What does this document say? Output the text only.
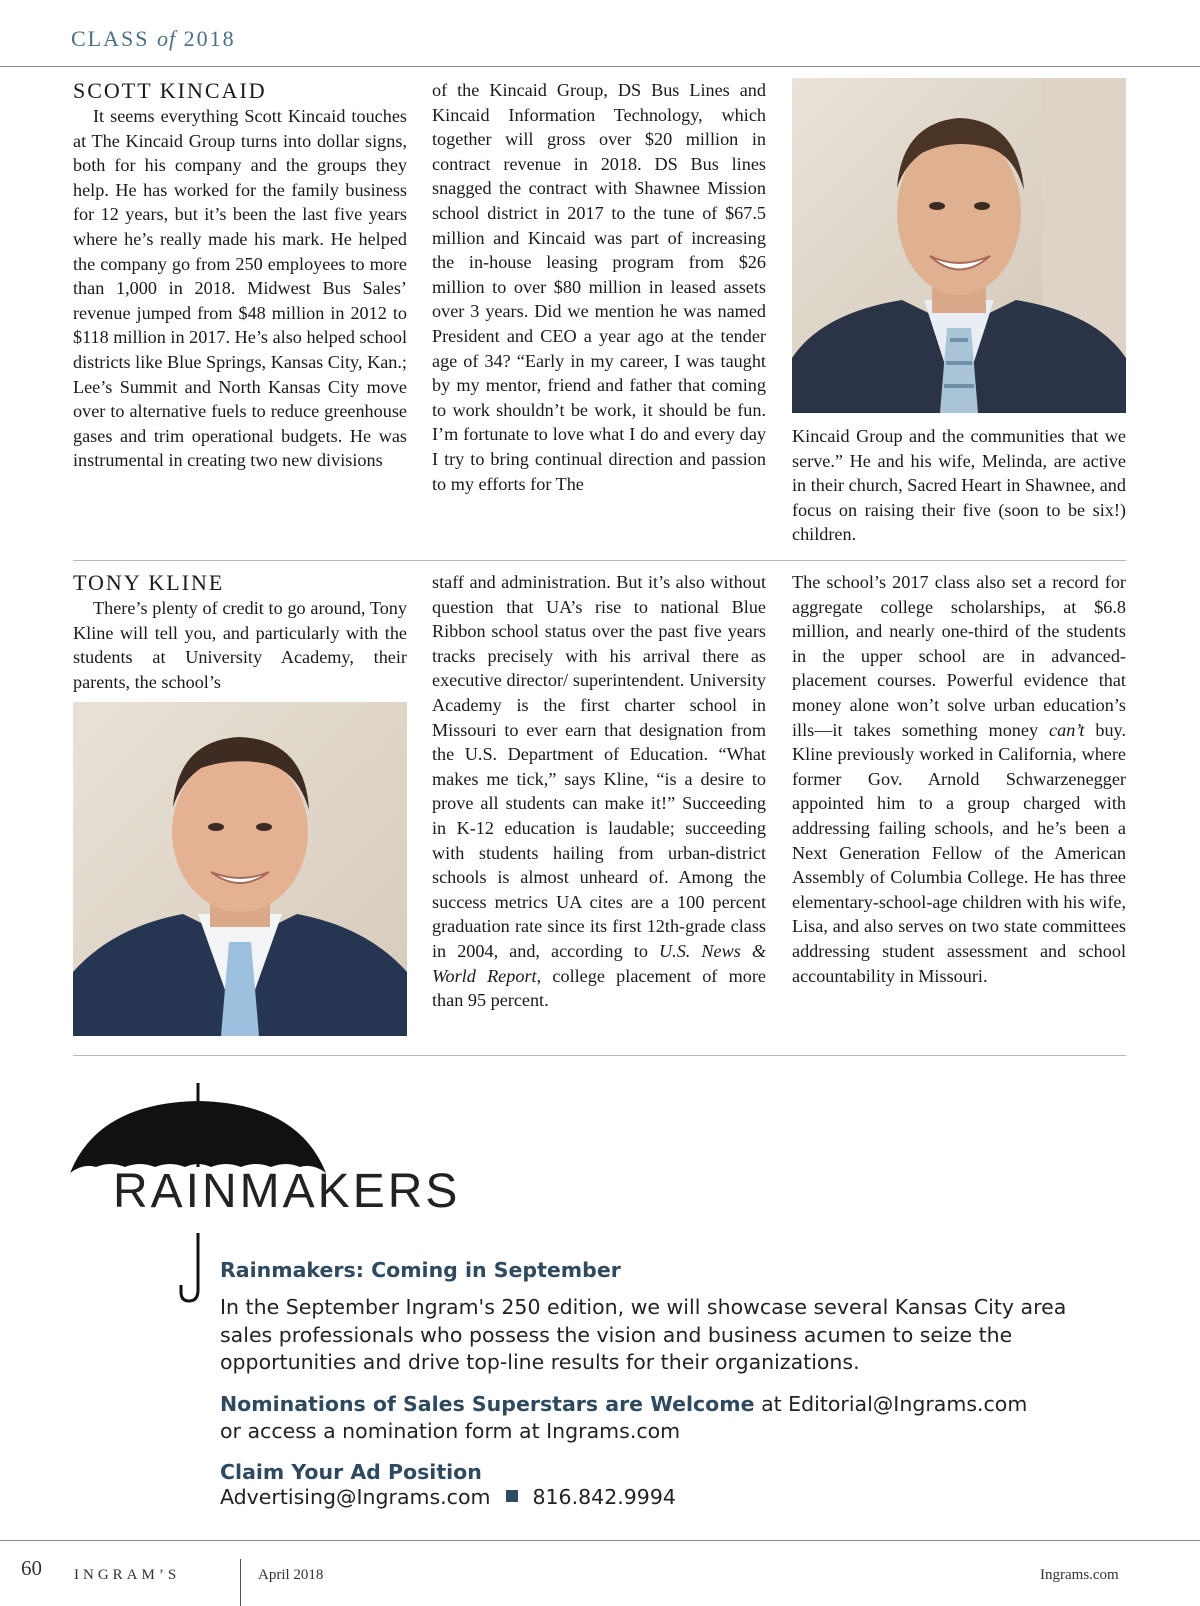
CLASS of 2018
SCOTT KINCAID

It seems everything Scott Kincaid touches at The Kincaid Group turns into dollar signs, both for his company and the groups they help. He has worked for the family business for 12 years, but it’s been the last five years where he’s really made his mark. He helped the company go from 250 employees to more than 1,000 in 2018. Midwest Bus Sales’ revenue jumped from $48 million in 2012 to $118 million in 2017. He’s also helped school districts like Blue Springs, Kansas City, Kan.; Lee’s Summit and North Kansas City move over to alternative fuels to reduce greenhouse gases and trim operational budgets. He was instrumental in creating two new divisions

of the Kincaid Group, DS Bus Lines and Kincaid Information Technology, which together will gross over $20 million in contract revenue in 2018. DS Bus lines snagged the contract with Shawnee Mission school district in 2017 to the tune of $67.5 million and Kincaid was part of increasing the in-house leasing program from $26 million to over $80 million in leased assets over 3 years. Did we mention he was named President and CEO a year ago at the tender age of 34? “Early in my career, I was taught by my mentor, friend and father that coming to work shouldn’t be work, it should be fun. I’m fortunate to love what I do and every day I try to bring continual direction and passion to my efforts for The

Kincaid Group and the communities that we serve.” He and his wife, Melinda, are active in their church, Sacred Heart in Shawnee, and focus on raising their five (soon to be six!) children.

TONY KLINE

There’s plenty of credit to go around, Tony Kline will tell you, and particularly with the students at University Academy, their parents, the school’s

staff and administration. But it’s also without question that UA’s rise to national Blue Ribbon school status over the past five years tracks precisely with his arrival there as executive director/ superintendent. University Academy is the first charter school in Missouri to ever earn that designation from the U.S. Department of Education. “What makes me tick,” says Kline, “is a desire to prove all students can make it!” Succeeding in K-12 education is laudable; succeeding with students hailing from urban-district schools is almost unheard of. Among the success metrics UA cites are a 100 percent graduation rate since its first 12th-grade class in 2004, and, according to U.S. News & World Report, college placement of more than 95 percent.

The school’s 2017 class also set a record for aggregate college scholarships, at $6.8 million, and nearly one-third of the students in the upper school are in advanced-placement courses. Powerful evidence that money alone won’t solve urban education’s ills—it takes something money can’t buy. Kline previously worked in California, where former Gov. Arnold Schwarzenegger appointed him to a group charged with addressing failing schools, and he’s been a Next Generation Fellow of the American Assembly of Columbia College. He has three elementary-school-age children with his wife, Lisa, and also serves on two state committees addressing student assessment and school accountability in Missouri.

RAINMAKERS
Rainmakers: Coming in September

In the September Ingram's 250 edition, we will showcase several Kansas City area sales professionals who possess the vision and business acumen to seize the opportunities and drive top-line results for their organizations.

Nominations of Sales Superstars are Welcome at Editorial@Ingrams.com

or access a nomination form at Ingrams.com

Claim Your Ad Position

Advertising@Ingrams.com 816.842.9994

60 INGRAM’S	April 2018	Ingrams.com
